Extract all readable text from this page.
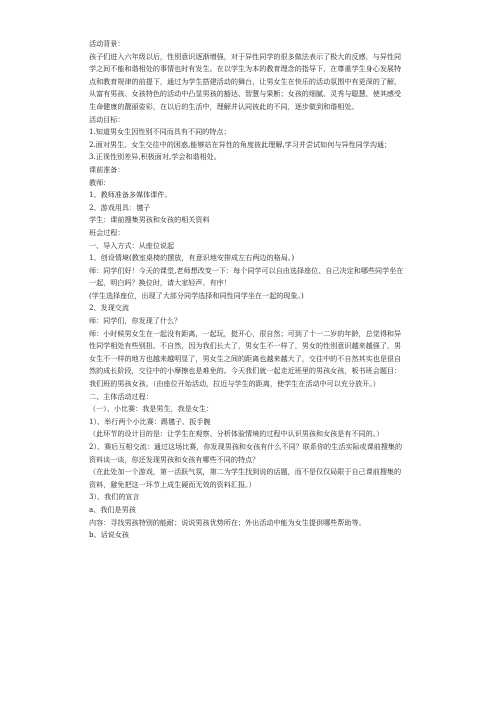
活动背景：

孩子们进入六年级以后，性别意识逐渐增强，对于异性同学的很多做法表示了极大的反感，与异性同学之间不能和谐相处的事情也时有发生。在以学生为本的教育理念的指导下，在尊重学生身心发展特点和教育规律的前提下，通过为学生搭建活动的舞台，让男女生在快乐的活动氛围中有更深的了解，从富有男孩、女孩特色的活动中凸显男孩的豁达、智慧与果断；女孩的细腻、灵秀与聪慧，使其感受生命健康的靓丽姿彩，在以后的生活中，理解并认同彼此的不同，逐步做到和谐相处。

活动目标：

1.知道男女生因性别不同而具有不同的特点；

2.面对男生、女生交往中的困惑,能够站在异性的角度彼此理解,学习并尝试如何与异性同学沟通；

3.正视性别差异,积极面对,学会和谐相处。

课前准备：

教师：

1、教师准备多媒体课件。

2、游戏用具：毽子

学生：课前搜集男孩和女孩的相关资料

班会过程：

一、导入方式：从座位说起

1、创设情境(教室桌椅的摆放，有意识地安排成左右两边的格局。)

师：同学们好！今天的课堂,老师想改变一下：每个同学可以自由选择座位、自己决定和哪些同学坐在一起，明白吗？换位时，请大家轻声、有序！

(学生选择座位，出现了大部分同学选择和同性同学坐在一起的现象。)

2、发现交流

师：同学们，你发现了什么？

师：小时候男女生在一起没有距离，一起玩，挺开心，很自然；可到了十一二岁的年龄，总觉得和异性同学相处有些别扭、不自然，因为我们长大了，男女生不一样了，男女的性别意识越来越强了，男女生不一样的地方也越来越明显了，男女生之间的距离也越来越大了，交往中的不自然其实也是很自然的成长阶段，交往中的小摩擦也是难免的。今天我们就一起走近班里的男孩女孩，板书班会题目：我们班的男孩女孩。（由座位开始活动，拉近与学生的距离，使学生在活动中可以充分放开。）

二、主体活动过程：

（一）、小比赛：我是男生，我是女生：

1）、举行两个小比赛：踢毽子、扳手腕

（此环节的设计目的是：让学生在观察、分析体验情境的过程中认识男孩和女孩是有不同的。）

2）、赛后互相交流：通过这场比赛，你发现男孩和女孩有什么不同？联系你的生活实际或课前搜集的资料谈一谈，你还发现男孩和女孩有哪些不同的特点？

（在此处加一个游戏，第一活跃气氛，第二为学生找到说的话题，而不是仅仅局限于自己课前搜集的资料，避免把这一环节上成生硬而无效的资料汇报。）

3）、我们的宣言

a、我们是男孩

内容：寻找男孩特别的能耐；说说男孩优势所在；外出活动中能为女生提供哪些帮助等。

b、话说女孩
